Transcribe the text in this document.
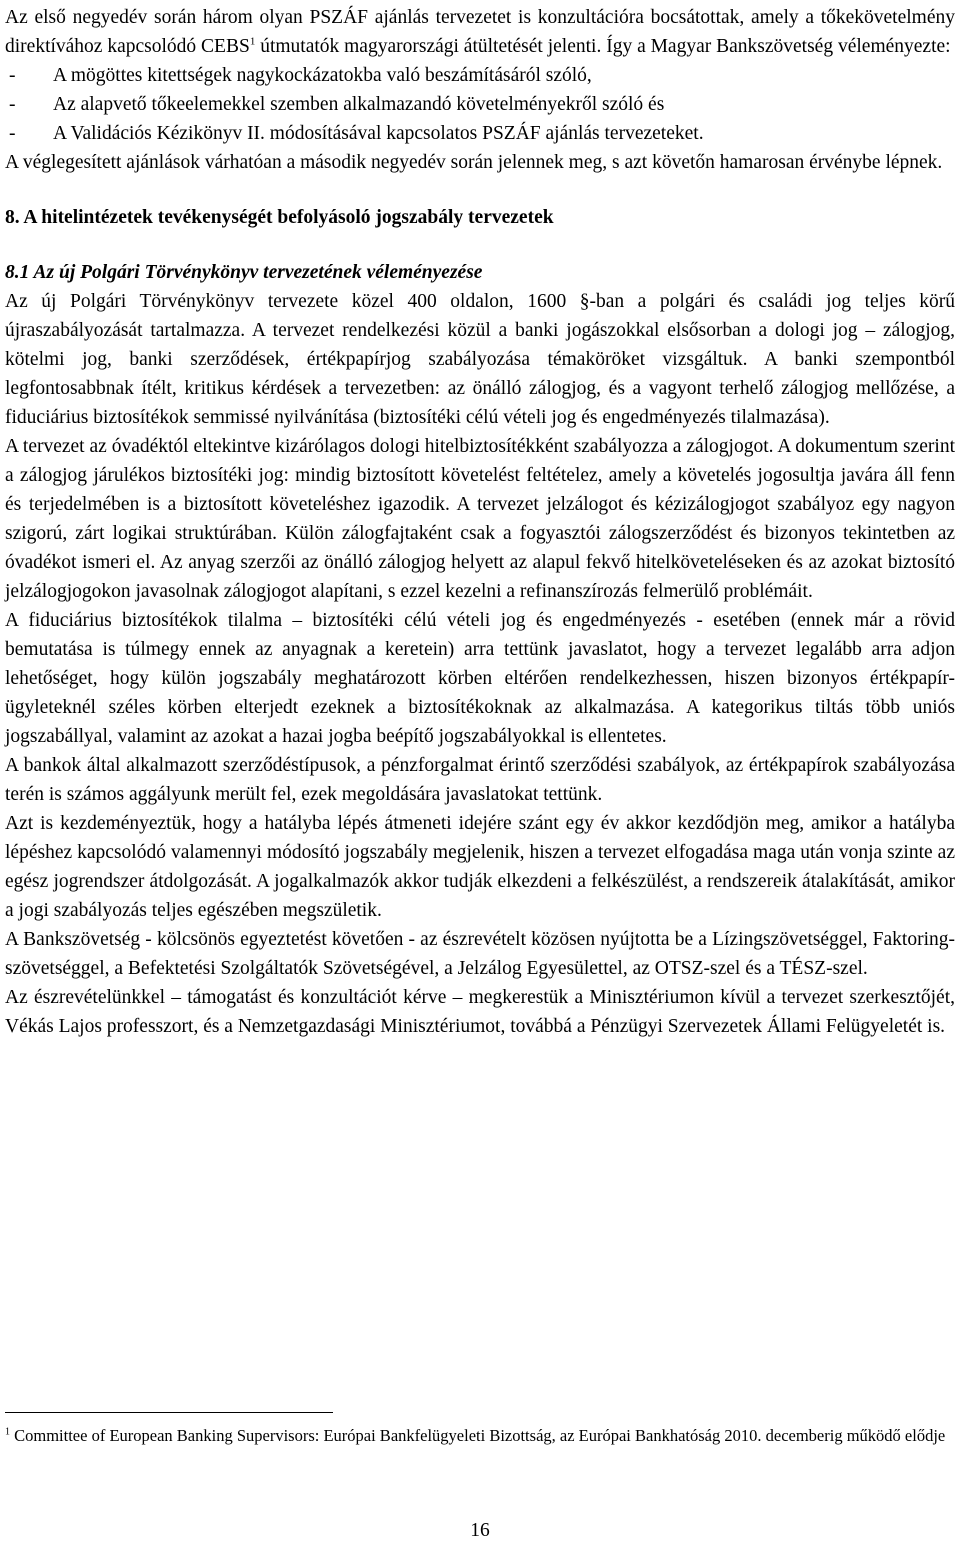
Az első negyedév során három olyan PSZÁF ajánlás tervezetet is konzultációra bocsátottak, amely a tőkekövetelmény direktívához kapcsolódó CEBS$^1$ útmutatók magyarországi átültetését jelenti. Így a Magyar Bankszövetség véleményezte:

- A mögöttes kitettségek nagykockázatokba való beszámításáról szóló,
- Az alapvető tőkeelemekkel szemben alkalmazandó követelményekről szóló és
- A Validációs Kézikönyv II. módosításával kapcsolatos PSZÁF ajánlás tervezeteket.

A véglegesített ajánlások várhatóan a második negyedév során jelennek meg, s azt követőn hamarosan érvénybe lépnek.

8. A hitelintézetek tevékenységét befolyásoló jogszabály tervezetek
8.1 Az új Polgári Törvénykönyv tervezetének véleményezése

Az új Polgári Törvénykönyv tervezete közel 400 oldalon, 1600 §-ban a polgári és családi jog teljes körű újraszabályozását tartalmazza. A tervezet rendelkezési közül a banki jogászokkal elsősorban a dologi jog – zálogjog, kötelmi jog, banki szerződések, értékpapírjog szabályozása témaköröket vizsgáltuk. A banki szempontból legfontosabbnak ítélt, kritikus kérdések a tervezetben: az önálló zálogjog, és a vagyont terhelő zálogjog mellőzése, a fiduciárius biztosítékok semmissé nyilvánítása (biztosítéki célú vételi jog és engedményezés tilalmazása).

A tervezet az óvadéktól eltekintve kizárólagos dologi hitelbiztosítékként szabályozza a zálogjogot. A dokumentum szerint a zálogjog járulékos biztosítéki jog: mindig biztosított követelést feltételez, amely a követelés jogosultja javára áll fenn és terjedelmében is a biztosított követeléshez igazodik. A tervezet jelzálogot és kézizálogjogot szabályoz egy nagyon szigorú, zárt logikai struktúrában. Külön zálogfajtaként csak a fogyasztói zálogszerződést és bizonyos tekintetben az óvadékot ismeri el. Az anyag szerzői az önálló zálogjog helyett az alapul fekvő hitelköveteléseken és az azokat biztosító jelzálogjogokon javasolnak zálogjogot alapítani, s ezzel kezelni a refinanszírozás felmerülő problémáit.

A fiduciárius biztosítékok tilalma – biztosítéki célú vételi jog és engedményezés - esetében (ennek már a rövid bemutatása is túlmegy ennek az anyagnak a keretein) arra tettünk javaslatot, hogy a tervezet legalább arra adjon lehetőséget, hogy külön jogszabály meghatározott körben eltérően rendelkezhessen, hiszen bizonyos értékpapír-ügyleteknél széles körben elterjedt ezeknek a biztosítékoknak az alkalmazása. A kategorikus tiltás több uniós jogszabállyal, valamint az azokat a hazai jogba beépítő jogszabályokkal is ellentetes.

A bankok által alkalmazott szerződéstípusok, a pénzforgalmat érintő szerződési szabályok, az értékpapírok szabályozása terén is számos aggályunk merült fel, ezek megoldására javaslatokat tettünk.

Azt is kezdeményeztük, hogy a hatályba lépés átmeneti idejére szánt egy év akkor kezdődjön meg, amikor a hatályba lépéshez kapcsolódó valamennyi módosító jogszabály megjelenik, hiszen a tervezet elfogadása maga után vonja szinte az egész jogrendszer átdolgozását. A jogalkalmazók akkor tudják elkezdeni a felkészülést, a rendszereik átalakítását, amikor a jogi szabályozás teljes egészében megszületik.

A Bankszövetség - kölcsönös egyeztetést követően - az észrevételt közösen nyújtotta be a Lízingszövetséggel, Faktoring-szövetséggel, a Befektetési Szolgáltatók Szövetségével, a Jelzálog Egyesülettel, az OTSZ-szel és a TÉSZ-szel.

Az észrevételünkkel – támogatást és konzultációt kérve – megkerestük a Minisztériumon kívül a tervezet szerkesztőjét, Vékás Lajos professzort, és a Nemzetgazdasági Minisztériumot, továbbá a Pénzügyi Szervezetek Állami Felügyeletét is.

$^1$ Committee of European Banking Supervisors: Európai Bankfelügyeleti Bizottság, az Európai Bankhatóság 2010. decemberig működő elődje

16
